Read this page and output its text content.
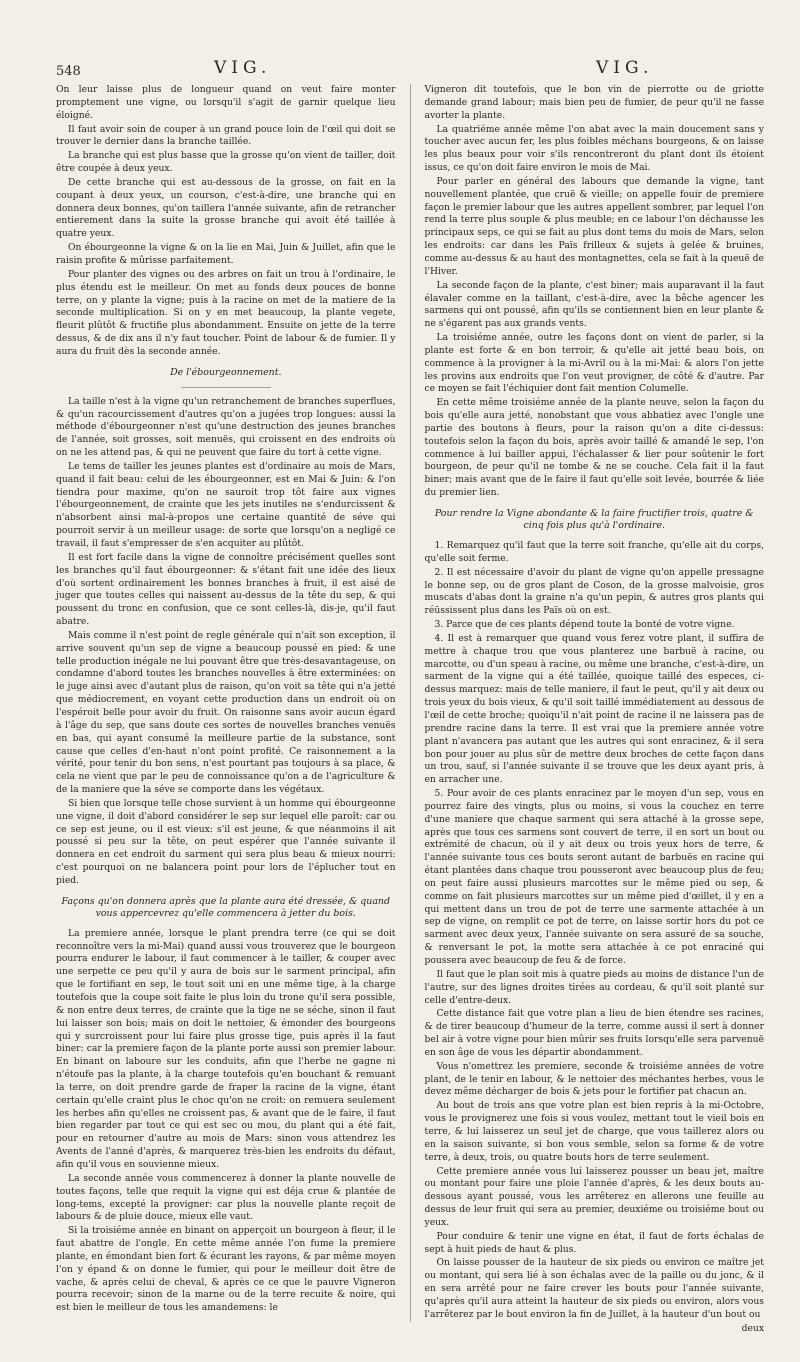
548	VIG.	VIG.

On leur laisse plus de longueur quand on veut faire monter promptement une vigne, ou lorsqu'il s'agit de garnir quelque lieu éloigné.

Il faut avoir soin de couper à un grand pouce loin de l'œil qui doit se trouver le dernier dans la branche taillée.

La branche qui est plus basse que la grosse qu'on vient de tailler, doit être coupée à deux yeux.

De cette branche qui est au-dessous de la grosse, on fait en la coupant à deux yeux, un courson, c'est-à-dire, une branche qui en donnera deux bonnes, qu'on taillera l'année suivante, afin de retrancher entierement dans la suite la grosse branche qui avoit été taillée à quatre yeux.

On ébourgeonne la vigne & on la lie en Mai, Juin & Juillet, afin que le raisin profite & mûrisse parfaitement.

Pour planter des vignes ou des arbres on fait un trou à l'ordinaire, le plus étendu est le meilleur. On met au fonds deux pouces de bonne terre, on y plante la vigne; puis à la racine on met de la matiere de la seconde multiplication. Si on y en met beaucoup, la plante vegete, fleurit plûtôt & fructifie plus abondamment. Ensuite on jette de la terre dessus, & de dix ans il n'y faut toucher. Point de labour & de fumier. Il y aura du fruit dès la seconde année.

De l'ébourgeonnement.

La taille n'est à la vigne qu'un retranchement de branches superflues, & qu'un racourcissement d'autres qu'on a jugées trop longues: aussi la méthode d'ébourgeonner n'est qu'une destruction des jeunes branches de l'année, soit grosses, soit menuës, qui croissent en des endroits où on ne les attend pas, & qui ne peuvent que faire du tort à cette vigne.

Le tems de tailler les jeunes plantes est d'ordinaire au mois de Mars, quand il fait beau: celui de les ébourgeonner, est en Mai & Juin: & l'on tiendra pour maxime, qu'on ne sauroit trop tôt faire aux vignes l'ébourgeonnement, de crainte que les jets inutiles ne s'endurcissent & n'absorbent ainsi mal-à-propos une certaine quantité de séve qui pourroit servir à un meilleur usage: de sorte que lorsqu'on a negligé ce travail, il faut s'empresser de s'en acquiter au plûtôt.

Il est fort facile dans la vigne de connoître précisément quelles sont les branches qu'il faut ébourgeonner: & s'étant fait une idée des lieux d'où sortent ordinairement les bonnes branches à fruit, il est aisé de juger que toutes celles qui naissent au-dessus de la tête du sep, & qui poussent du tronc en confusion, que ce sont celles-là, dis-je, qu'il faut abatre.

Mais comme il n'est point de regle générale qui n'ait son exception, il arrive souvent qu'un sep de vigne a beaucoup poussé en pied: & une telle production inégale ne lui pouvant être que très-desavantageuse, on condamne d'abord toutes les branches nouvelles à être exterminées: on le juge ainsi avec d'autant plus de raison, qu'on voit sa tête qui n'a jetté que médiocrement, en voyant cette production dans un endroit où on l'espéroit belle pour avoir du fruit. On raisonne sans avoir aucun égard à l'âge du sep, que sans doute ces sortes de nouvelles branches venuës en bas, qui ayant consumé la meilleure partie de la substance, sont cause que celles d'en-haut n'ont point profité. Ce raisonnement a la vérité, pour tenir du bon sens, n'est pourtant pas toujours à sa place, & cela ne vient que par le peu de connoissance qu'on a de l'agriculture & de la maniere que la séve se comporte dans les végétaux.

Si bien que lorsque telle chose survient à un homme qui ébourgeonne une vigne, il doit d'abord considérer le sep sur lequel elle paroît: car ou ce sep est jeune, ou il est vieux: s'il est jeune, & que néanmoins il ait poussé si peu sur la tête, on peut espérer que l'année suivante il donnera en cet endroit du sarment qui sera plus beau & mieux nourri: c'est pourquoi on ne balancera point pour lors de l'éplucher tout en pied.

Façons qu'on donnera après que la plante aura été dressée, & quand vous appercevrez qu'elle commencera à jetter du bois.

La premiere année, lorsque le plant prendra terre (ce qui se doit reconnoître vers la mi-Mai) quand aussi vous trouverez que le bourgeon pourra endurer le labour, il faut commencer à le tailler, & couper avec une serpette ce peu qu'il y aura de bois sur le sarment principal, afin que le fortifiant en sep, le tout soit uni en une même tige, à la charge toutefois que la coupe soit faite le plus loin du trone qu'il sera possible, & non entre deux terres, de crainte que la tige ne se séche, sinon il faut lui laisser son bois; mais on doit le nettoier, & émonder des bourgeons qui y surcroissent pour lui faire plus grosse tige, puis après il la faut biner: car la premiere façon de la plante porte aussi son premier labour. En binant on laboure sur les conduits, afin que l'herbe ne gagne ni n'étoufe pas la plante, à la charge toutefois qu'en bouchant & remuant la terre, on doit prendre garde de fraper la racine de la vigne, étant certain qu'elle craint plus le choc qu'on ne croit: on remuera seulement les herbes afin qu'elles ne croissent pas, & avant que de le faire, il faut bien regarder par tout ce qui est sec ou mou, du plant qui a été fait, pour en retourner d'autre au mois de Mars: sinon vous attendrez les Avents de l'anné d'après, & marquerez très-bien les endroits du défaut, afin qu'il vous en souvienne mieux.

La seconde année vous commencerez à donner la plante nouvelle de toutes façons, telle que requit la vigne qui est déja crue & plantée de long-tems, excepté la provigner: car plus la nouvelle plante reçoit de labours & de pluie douce, mieux elle vaut.

Si la troisiéme année en binant on apperçoit un bourgeon à fleur, il le faut abattre de l'ongle. En cette même année l'on fume la premiere plante, en émondant bien fort & écurant les rayons, & par même moyen l'on y épand & on donne le fumier, qui pour le meilleur doit être de vache, & après celui de cheval, & après ce ce que le pauvre Vigneron pourra recevoir; sinon de la marne ou de la terre recuite & noire, qui est bien le meilleur de tous les amandemens: le

Vigneron dit toutefois, que le bon vin de pierrotte ou de griotte demande grand labour; mais bien peu de fumier, de peur qu'il ne fasse avorter la plante.

La quatriéme année même l'on abat avec la main doucement sans y toucher avec aucun fer, les plus foibles méchans bourgeons, & on laisse les plus beaux pour voir s'ils rencontreront du plant dont ils étoient issus, ce qu'on doit faire environ le mois de Mai.

Pour parler en général des labours que demande la vigne, tant nouvellement plantée, que cruë & vieille; on appelle fouir de premiere façon le premier labour que les autres appellent sombrer, par lequel l'on rend la terre plus souple & plus meuble; en ce labour l'on déchausse les principaux seps, ce qui se fait au plus dont tems du mois de Mars, selon les endroits: car dans les Païs frilleux & sujets à gelée & bruines, comme au-dessus & au haut des montagnettes, cela se fait à la queuë de l'Hiver.

La seconde façon de la plante, c'est biner; mais auparavant il la faut élavaler comme en la taillant, c'est-à-dire, avec la bêche agencer les sarmens qui ont poussé, afin qu'ils se contiennent bien en leur plante & ne s'égarent pas aux grands vents.

La troisiéme année, outre les façons dont on vient de parler, si la plante est forte & en bon terroir, & qu'elle ait jetté beau bois, on commence à la provigner à la mi-Avril ou à la mi-Mai: & alors l'on jette les provins aux endroits que l'on veut provigner, de côté & d'autre. Par ce moyen se fait l'échiquier dont fait mention Columelle.

En cette même troisiéme année de la plante neuve, selon la façon du bois qu'elle aura jetté, nonobstant que vous abbatiez avec l'ongle une partie des boutons à fleurs, pour la raison qu'on a dite ci-dessus: toutefois selon la façon du bois, après avoir taillé & amandé le sep, l'on commence à lui bailler appui, l'échalasser & lier pour soûtenir le fort bourgeon, de peur qu'il ne tombe & ne se couche. Cela fait il la faut biner; mais avant que de le faire il faut qu'elle soit levée, bourrée & liée du premier lien.

Pour rendre la Vigne abondante & la faire fructifier trois, quatre & cinq fois plus qu'à l'ordinaire.

1. Remarquez qu'il faut que la terre soit franche, qu'elle ait du corps, qu'elle soit ferme.

2. Il est nécessaire d'avoir du plant de vigne qu'on appelle pressagne le bonne sep, ou de gros plant de Coson, de la grosse malvoisie, gros muscats d'abas dont la graine n'a qu'un pepin, & autres gros plants qui réüssissent plus dans les Païs où on est.

3. Parce que de ces plants dépend toute la bonté de votre vigne.

4. Il est à remarquer que quand vous ferez votre plant, il suffira de mettre à chaque trou que vous planterez une barbuë à racine, ou marcotte, ou d'un speau à racine, ou même une branche, c'est-à-dire, un sarment de la vigne qui a été taillée, quoique taillé des especes, ci-dessus marquez: mais de telle maniere, il faut le peut, qu'il y ait deux ou trois yeux du bois vieux, & qu'il soit taillé immédiatement au dessous de l'œil de cette broche; quoiqu'il n'ait point de racine il ne laissera pas de prendre racine dans la terre. Il est vrai que la premiere année votre plant n'avancera pas autant que les autres qui sont enracinez, & il sera bon pour jouer au plus sûr de mettre deux broches de cette façon dans un trou, sauf, si l'année suivante il se trouve que les deux ayant pris, à en arracher une.

5. Pour avoir de ces plants enracinez par le moyen d'un sep, vous en pourrez faire des vingts, plus ou moins, si vous la couchez en terre d'une maniere que chaque sarment qui sera attaché à la grosse sepe, après que tous ces sarmens sont couvert de terre, il en sort un bout ou extrémité de chacun, où il y ait deux ou trois yeux hors de terre, & l'année suivante tous ces bouts seront autant de barbuës en racine qui étant plantées dans chaque trou pousseront avec beaucoup plus de feu; on peut faire aussi plusieurs marcottes sur le même pied ou sep, & comme on fait plusieurs marcottes sur un même pied d'œillet, il y en a qui mettent dans un trou de pot de terre une sarmente attachée à un sep de vigne, on remplit ce pot de terre, on laisse sortir hors du pot ce sarment avec deux yeux, l'année suivante on sera assuré de sa souche, & renversant le pot, la motte sera attachée à ce pot enraciné qui poussera avec beaucoup de feu & de force.

Il faut que le plan soit mis à quatre pieds au moins de distance l'un de l'autre, sur des lignes droites tirées au cordeau, & qu'il soit planté sur celle d'entre-deux.

Cette distance fait que votre plan a lieu de bien étendre ses racines, & de tirer beaucoup d'humeur de la terre, comme aussi il sert à donner bel air à votre vigne pour bien mûrir ses fruits lorsqu'elle sera parvenuë en son âge de vous les départir abondamment.

Vous n'omettrez les premiere, seconde & troisiéme années de votre plant, de le tenir en labour, & le nettoier des méchantes herbes, vous le devez même décharger de bois & jets pour le fortifier pat chacun an.

Au bout de trois ans que votre plan est bien repris à la mi-Octobre, vous le provignerez une fois si vous voulez, mettant tout le vieil bois en terre, & lui laisserez un seul jet de charge, que vous taillerez alors ou en la saison suivante, si bon vous semble, selon sa forme & de votre terre, à deux, trois, ou quatre bouts hors de terre seulement.

Cette premiere année vous lui laisserez pousser un beau jet, maître ou montant pour faire une ploie l'année d'après, & les deux bouts au-dessous ayant poussé, vous les arrêterez en allerons une feuille au dessus de leur fruit qui sera au premier, deuxiéme ou troisiéme bout ou yeux.

Pour conduire & tenir une vigne en état, il faut de forts échalas de sept à huit pieds de haut & plus.

On laisse pousser de la hauteur de six pieds ou environ ce maître jet ou montant, qui sera lié à son échalas avec de la paille ou du jonc, & il en sera arrêté pour ne faire crever les bouts pour l'année suivante, qu'après qu'il aura atteint la hauteur de six pieds ou environ, alors vous l'arrêterez par le bout environ la fin de Juillet, à la hauteur d'un bout ou

deux
